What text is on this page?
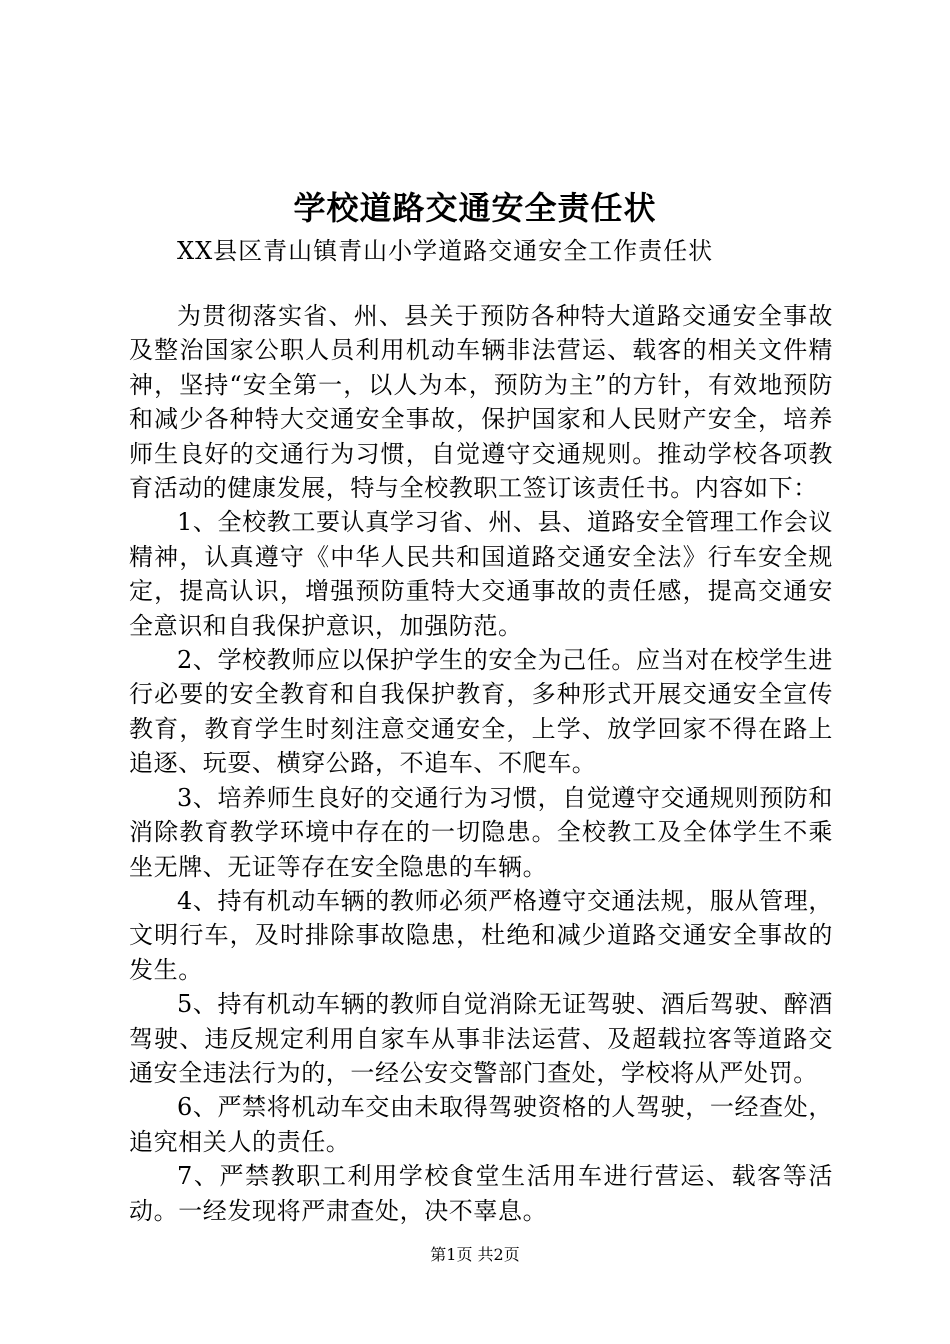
学校道路交通安全责任状

XX县区青山镇青山小学道路交通安全工作责任状

为贯彻落实省、州、县关于预防各种特大道路交通安全事故及整治国家公职人员利用机动车辆非法营运、载客的相关文件精神，坚持“安全第一，以人为本，预防为主”的方针，有效地预防和减少各种特大交通安全事故，保护国家和人民财产安全，培养师生良好的交通行为习惯，自觉遵守交通规则。推动学校各项教育活动的健康发展，特与全校教职工签订该责任书。内容如下：

1、全校教工要认真学习省、州、县、道路安全管理工作会议精神，认真遵守《中华人民共和国道路交通安全法》行车安全规定，提高认识，增强预防重特大交通事故的责任感，提高交通安全意识和自我保护意识，加强防范。

2、学校教师应以保护学生的安全为己任。应当对在校学生进行必要的安全教育和自我保护教育，多种形式开展交通安全宣传教育，教育学生时刻注意交通安全，上学、放学回家不得在路上追逐、玩耍、横穿公路，不追车、不爬车。

3、培养师生良好的交通行为习惯，自觉遵守交通规则预防和消除教育教学环境中存在的一切隐患。全校教工及全体学生不乘坐无牌、无证等存在安全隐患的车辆。

4、持有机动车辆的教师必须严格遵守交通法规，服从管理，文明行车，及时排除事故隐患，杜绝和减少道路交通安全事故的发生。

5、持有机动车辆的教师自觉消除无证驾驶、酒后驾驶、醉酒驾驶、违反规定利用自家车从事非法运营、及超载拉客等道路交通安全违法行为的，一经公安交警部门查处，学校将从严处罚。

6、严禁将机动车交由未取得驾驶资格的人驾驶，一经查处，追究相关人的责任。

7、严禁教职工利用学校食堂生活用车进行营运、载客等活动。一经发现将严肃查处，决不辜息。

第1页 共2页
